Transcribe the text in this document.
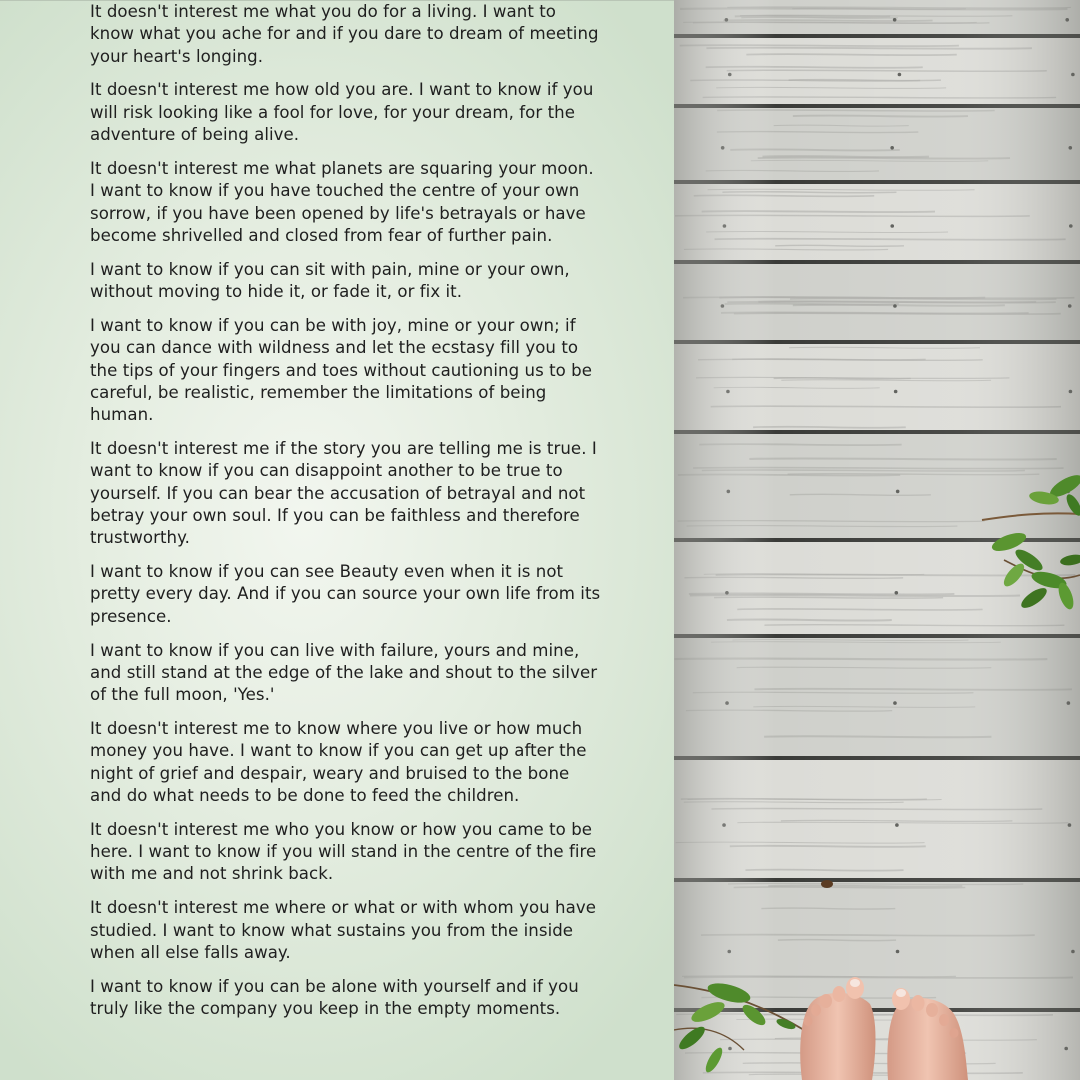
It doesn't interest me what you do for a living. I want to know what you ache for and if you dare to dream of meeting your heart's longing.

It doesn't interest me how old you are. I want to know if you will risk looking like a fool for love, for your dream, for the adventure of being alive.

It doesn't interest me what planets are squaring your moon. I want to know if you have touched the centre of your own sorrow, if you have been opened by life's betrayals or have become shrivelled and closed from fear of further pain.

I want to know if you can sit with pain, mine or your own, without moving to hide it, or fade it, or fix it.

I want to know if you can be with joy, mine or your own; if you can dance with wildness and let the ecstasy fill you to the tips of your fingers and toes without cautioning us to be careful, be realistic, remember the limitations of being human.

It doesn't interest me if the story you are telling me is true. I want to know if you can disappoint another to be true to yourself. If you can bear the accusation of betrayal and not betray your own soul. If you can be faithless and therefore trustworthy.

I want to know if you can see Beauty even when it is not pretty every day. And if you can source your own life from its presence.

I want to know if you can live with failure, yours and mine, and still stand at the edge of the lake and shout to the silver of the full moon, 'Yes.'

It doesn't interest me to know where you live or how much money you have. I want to know if you can get up after the night of grief and despair, weary and bruised to the bone and do what needs to be done to feed the children.

It doesn't interest me who you know or how you came to be here. I want to know if you will stand in the centre of the fire with me and not shrink back.

It doesn't interest me where or what or with whom you have studied. I want to know what sustains you from the inside when all else falls away.

I want to know if you can be alone with yourself and if you truly like the company you keep in the empty moments.
